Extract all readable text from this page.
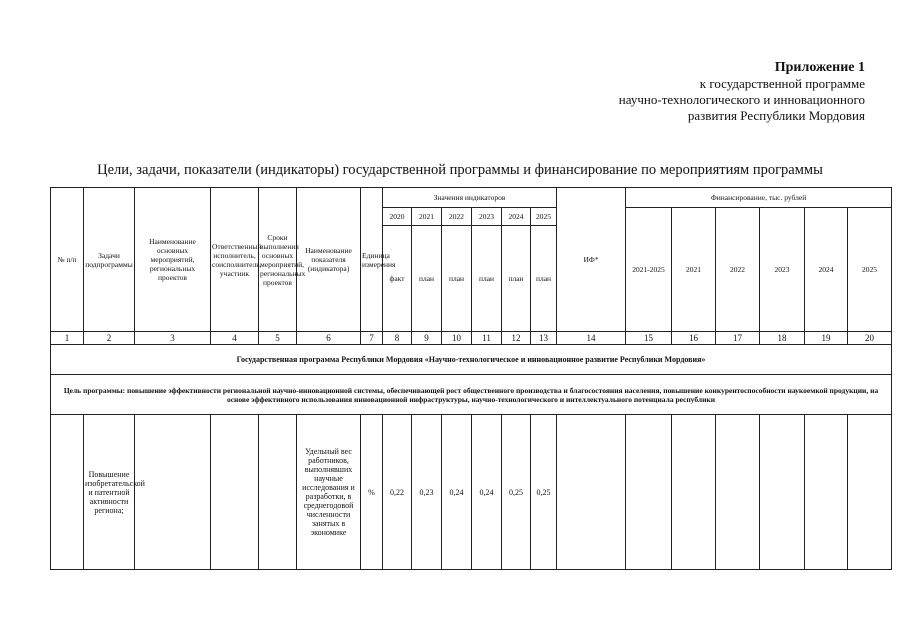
Приложение 1
к государственной программе
научно-технологического и инновационного
развития Республики Мордовия
Цели, задачи, показатели (индикаторы) государственной программы и финансирование по мероприятиям программы
№ п/п	Задачи подпрограммы	Наименование основных мероприятий, региональных проектов	Ответственный исполнитель, соисполнитель, участник	Сроки выполнения основных мероприятий, региональных проектов	Наименование показателя (индикатора)	Единица измерения	Значения индикаторов						ИФ*	Финансирование, тыс. рублей					
							2020	2021	2022	2023	2024	2025		2021-2025	2021	2022	2023	2024	2025
							факт	план	план	план	план	план							
1	2	3	4	5	6	7	8	9	10	11	12	13	14	15	16	17	18	19	20
Государственная программа Республики Мордовия «Научно-технологическое и инновационное развитие Республики Мордовия»																			
Цель программы: повышение эффективности региональной научно-инновационной системы, обеспечивающей рост общественного производства и благосостояния населения, повышение конкурентоспособности наукоемкой продукции, на основе эффективного использования инновационной инфраструктуры, научно-технологического и интеллектуального потенциала республики																			
	Повышение изобретательской и патентной активности региона;				Удельный вес работников, выполнявших научные исследования и разработки, в среднегодовой численности занятых в экономике	%	0,22	0,23	0,24	0,24	0,25	0,25							
